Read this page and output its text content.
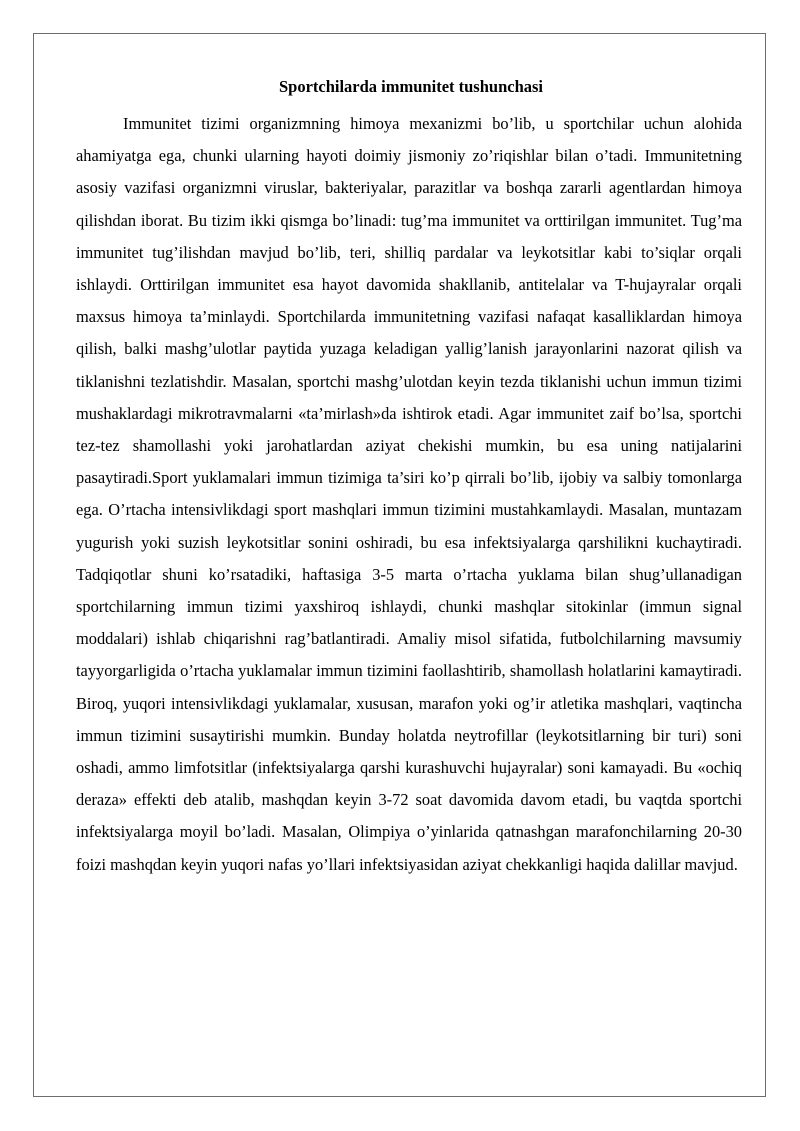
Sportchilarda immunitet tushunchasi

Immunitet tizimi organizmning himoya mexanizmi bo’lib, u sportchilar uchun alohida ahamiyatga ega, chunki ularning hayoti doimiy jismoniy zo’riqishlar bilan o’tadi. Immunitetning asosiy vazifasi organizmni viruslar, bakteriyalar, parazitlar va boshqa zararli agentlardan himoya qilishdan iborat. Bu tizim ikki qismga bo’linadi: tug’ma immunitet va orttirilgan immunitet. Tug’ma immunitet tug’ilishdan mavjud bo’lib, teri, shilliq pardalar va leykotsitlar kabi to’siqlar orqali ishlaydi. Orttirilgan immunitet esa hayot davomida shakllanib, antitelalar va T-hujayralar orqali maxsus himoya ta’minlaydi. Sportchilarda immunitetning vazifasi nafaqat kasalliklardan himoya qilish, balki mashg’ulotlar paytida yuzaga keladigan yallig’lanish jarayonlarini nazorat qilish va tiklanishni tezlatishdir. Masalan, sportchi mashg’ulotdan keyin tezda tiklanishi uchun immun tizimi mushaklardagi mikrotravmalarni «ta’mirlash»da ishtirok etadi. Agar immunitet zaif bo’lsa, sportchi tez-tez shamollashi yoki jarohatlardan aziyat chekishi mumkin, bu esa uning natijalarini pasaytiradi.Sport yuklamalari immun tizimiga ta’siri ko’p qirrali bo’lib, ijobiy va salbiy tomonlarga ega. O’rtacha intensivlikdagi sport mashqlari immun tizimini mustahkamlaydi. Masalan, muntazam yugurish yoki suzish leykotsitlar sonini oshiradi, bu esa infektsiyalarga qarshilikni kuchaytiradi. Tadqiqotlar shuni ko’rsatadiki, haftasiga 3-5 marta o’rtacha yuklama bilan shug’ullanadigan sportchilarning immun tizimi yaxshiroq ishlaydi, chunki mashqlar sitokinlar (immun signal moddalari) ishlab chiqarishni rag’batlantiradi. Amaliy misol sifatida, futbolchilarning mavsumiy tayyorgarligida o’rtacha yuklamalar immun tizimini faollashtirib, shamollash holatlarini kamaytiradi. Biroq, yuqori intensivlikdagi yuklamalar, xususan, marafon yoki og’ir atletika mashqlari, vaqtincha immun tizimini susaytirishi mumkin. Bunday holatda neytrofillar (leykotsitlarning bir turi) soni oshadi, ammo limfotsitlar (infektsiyalarga qarshi kurashuvchi hujayralar) soni kamayadi. Bu «ochiq deraza» effekti deb atalib, mashqdan keyin 3-72 soat davomida davom etadi, bu vaqtda sportchi infektsiyalarga moyil bo’ladi. Masalan, Olimpiya o’yinlarida qatnashgan marafonchilarning 20-30 foizi mashqdan keyin yuqori nafas yo’llari infektsiyasidan aziyat chekkanligi haqida dalillar mavjud.
